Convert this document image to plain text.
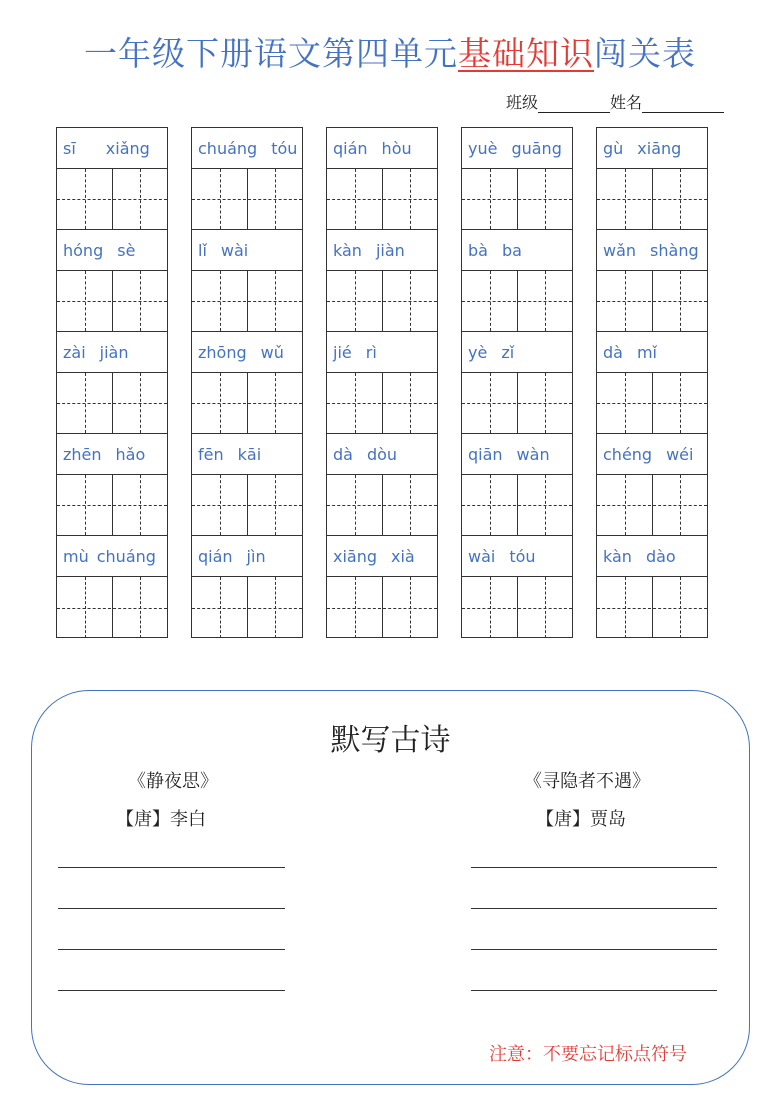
一年级下册语文第四单元基础知识闯关表
班级	姓名
sī xiǎng
hóng sè
zài jiàn
zhēn hǎo
mù chuáng
chuáng tóu
lǐ wài
zhōng wǔ
fēn kāi
qián jìn
qián hòu
kàn jiàn
jié rì
dà dòu
xiāng xià
yuè guāng
bà ba
yè zǐ
qiān wàn
wài tóu
gù xiāng
wǎn shàng
dà mǐ
chéng wéi
kàn dào
默写古诗
《静夜思》
【唐】李白
《寻隐者不遇》
【唐】贾岛
注意：不要忘记标点符号
